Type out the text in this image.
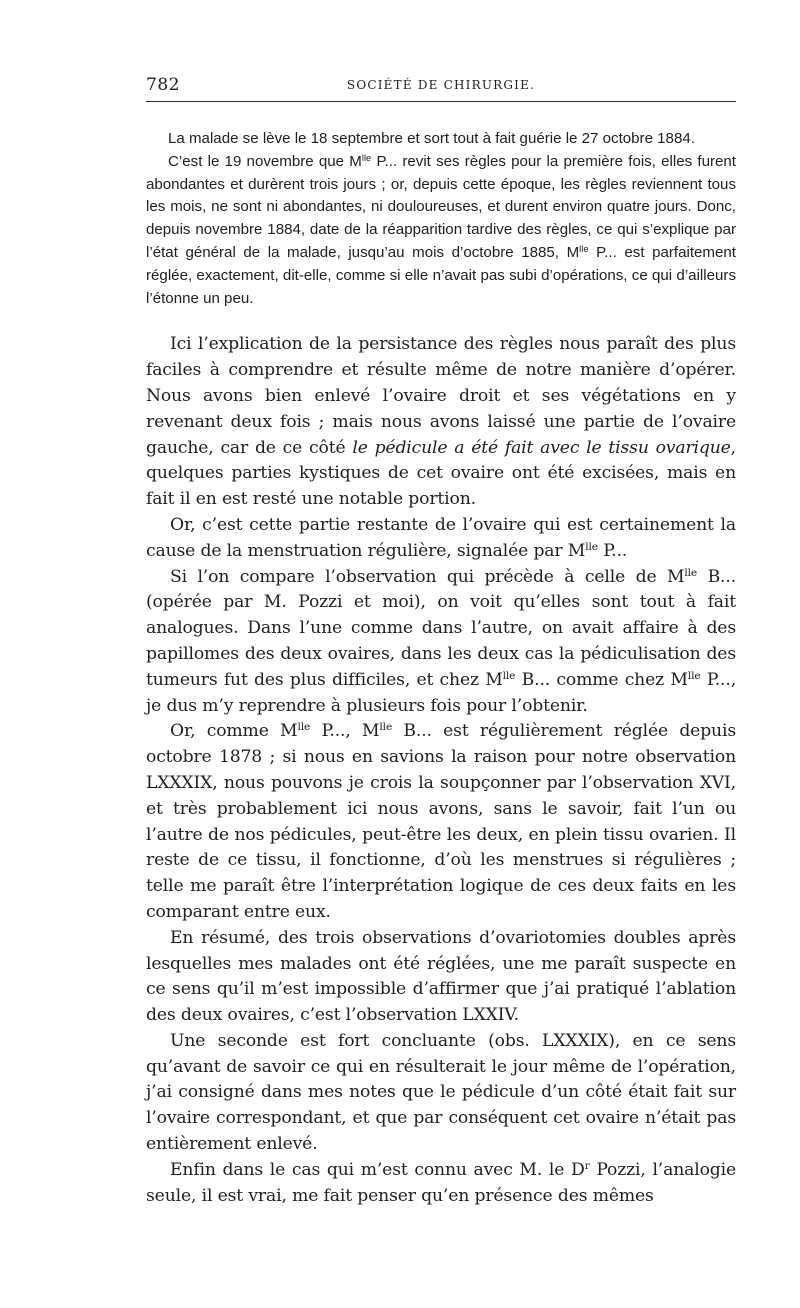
782	SOCIÉTÉ DE CHIRURGIE.

La malade se lève le 18 septembre et sort tout à fait guérie le 27 octobre 1884.

C’est le 19 novembre que $M^{lle}$ P... revit ses règles pour la première fois, elles furent abondantes et durèrent trois jours ; or, depuis cette époque, les règles reviennent tous les mois, ne sont ni abondantes, ni douloureuses, et durent environ quatre jours. Donc, depuis novembre 1884, date de la réapparition tardive des règles, ce qui s’explique par l’état général de la malade, jusqu’au mois d’octobre 1885, $M^{lle}$ P... est parfaitement réglée, exactement, dit-elle, comme si elle n’avait pas subi d’opérations, ce qui d’ailleurs l’étonne un peu.

Ici l’explication de la persistance des règles nous paraît des plus faciles à comprendre et résulte même de notre manière d’opérer. Nous avons bien enlevé l’ovaire droit et ses végétations en y revenant deux fois ; mais nous avons laissé une partie de l’ovaire gauche, car de ce côté le pédicule a été fait avec le tissu ovarique, quelques parties kystiques de cet ovaire ont été excisées, mais en fait il en est resté une notable portion.

Or, c’est cette partie restante de l’ovaire qui est certainement la cause de la menstruation régulière, signalée par $M^{lle}$ P...

Si l’on compare l’observation qui précède à celle de $M^{lle}$ B... (opérée par M. Pozzi et moi), on voit qu’elles sont tout à fait analogues. Dans l’une comme dans l’autre, on avait affaire à des papillomes des deux ovaires, dans les deux cas la pédiculisation des tumeurs fut des plus difficiles, et chez $M^{lle}$ B... comme chez $M^{lle}$ P..., je dus m’y reprendre à plusieurs fois pour l’obtenir.

Or, comme $M^{lle}$ P..., $M^{lle}$ B... est régulièrement réglée depuis octobre 1878 ; si nous en savions la raison pour notre observation LXXXIX, nous pouvons je crois la soupçonner par l’observation XVI, et très probablement ici nous avons, sans le savoir, fait l’un ou l’autre de nos pédicules, peut-être les deux, en plein tissu ovarien. Il reste de ce tissu, il fonctionne, d’où les menstrues si régulières ; telle me paraît être l’interprétation logique de ces deux faits en les comparant entre eux.

En résumé, des trois observations d’ovariotomies doubles après lesquelles mes malades ont été réglées, une me paraît suspecte en ce sens qu’il m’est impossible d’affirmer que j’ai pratiqué l’ablation des deux ovaires, c’est l’observation LXXIV.

Une seconde est fort concluante (obs. LXXXIX), en ce sens qu’avant de savoir ce qui en résulterait le jour même de l’opération, j’ai consigné dans mes notes que le pédicule d’un côté était fait sur l’ovaire correspondant, et que par conséquent cet ovaire n’était pas entièrement enlevé.

Enfin dans le cas qui m’est connu avec M. le $D^r$ Pozzi, l’analogie seule, il est vrai, me fait penser qu’en présence des mêmes
